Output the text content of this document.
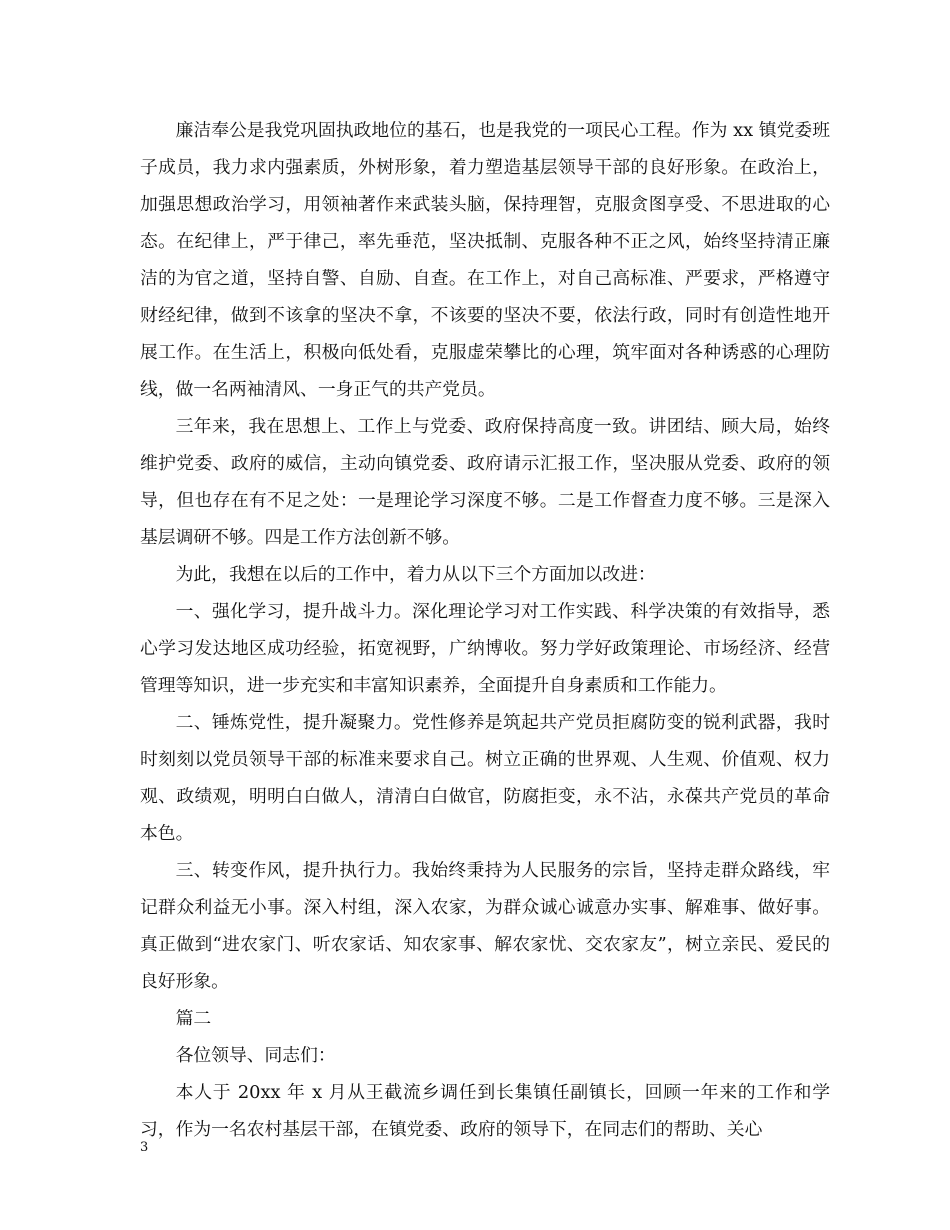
廉洁奉公是我党巩固执政地位的基石，也是我党的一项民心工程。作为 xx 镇党委班子成员，我力求内强素质，外树形象，着力塑造基层领导干部的良好形象。在政治上，加强思想政治学习，用领袖著作来武装头脑，保持理智，克服贪图享受、不思进取的心态。在纪律上，严于律己，率先垂范，坚决抵制、克服各种不正之风，始终坚持清正廉洁的为官之道，坚持自警、自励、自查。在工作上，对自己高标准、严要求，严格遵守财经纪律，做到不该拿的坚决不拿，不该要的坚决不要，依法行政，同时有创造性地开展工作。在生活上，积极向低处看，克服虚荣攀比的心理，筑牢面对各种诱惑的心理防线，做一名两袖清风、一身正气的共产党员。

三年来，我在思想上、工作上与党委、政府保持高度一致。讲团结、顾大局，始终维护党委、政府的威信，主动向镇党委、政府请示汇报工作，坚决服从党委、政府的领导，但也存在有不足之处：一是理论学习深度不够。二是工作督查力度不够。三是深入基层调研不够。四是工作方法创新不够。

为此，我想在以后的工作中，着力从以下三个方面加以改进：

一、强化学习，提升战斗力。深化理论学习对工作实践、科学决策的有效指导，悉心学习发达地区成功经验，拓宽视野，广纳博收。努力学好政策理论、市场经济、经营管理等知识，进一步充实和丰富知识素养，全面提升自身素质和工作能力。

二、锤炼党性，提升凝聚力。党性修养是筑起共产党员拒腐防变的锐利武器，我时时刻刻以党员领导干部的标准来要求自己。树立正确的世界观、人生观、价值观、权力观、政绩观，明明白白做人，清清白白做官，防腐拒变，永不沾，永葆共产党员的革命本色。

三、转变作风，提升执行力。我始终秉持为人民服务的宗旨，坚持走群众路线，牢记群众利益无小事。深入村组，深入农家，为群众诚心诚意办实事、解难事、做好事。真正做到“进农家门、听农家话、知农家事、解农家忧、交农家友”，树立亲民、爱民的良好形象。

篇二

各位领导、同志们：

本人于 20xx 年 x 月从王截流乡调任到长集镇任副镇长，回顾一年来的工作和学习，作为一名农村基层干部，在镇党委、政府的领导下，在同志们的帮助、关心

3
